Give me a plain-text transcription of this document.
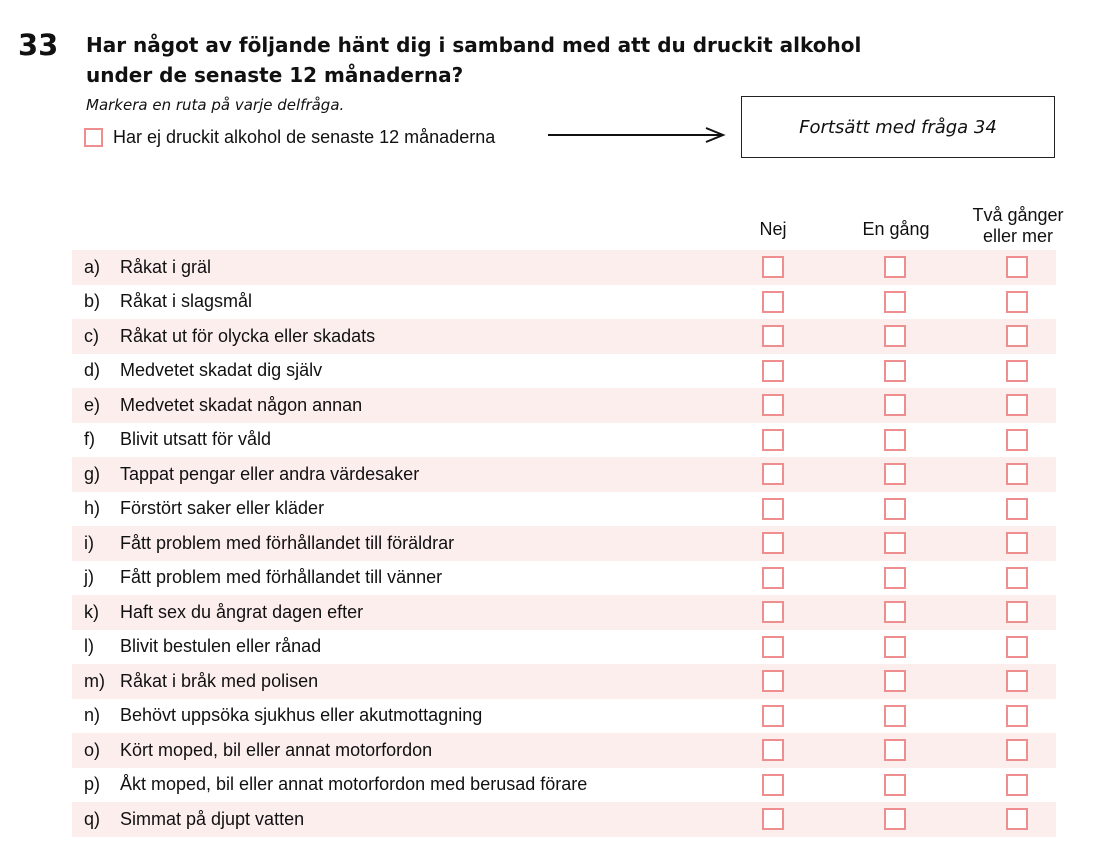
33 Har något av följande hänt dig i samband med att du druckit alkohol
under de senaste 12 månaderna?
Markera en ruta på varje delfråga.
Har ej druckit alkohol de senaste 12 månaderna	Fortsätt med fråga 34
Nej	En gång
Två gånger
eller mer
a) Råkat i gräl
b) Råkat i slagsmål
c) Råkat ut för olycka eller skadats
d) Medvetet skadat dig själv
e) Medvetet skadat någon annan
f) Blivit utsatt för våld
g) Tappat pengar eller andra värdesaker
h) Förstört saker eller kläder
i) Fått problem med förhållandet till föräldrar
j) Fått problem med förhållandet till vänner
k) Haft sex du ångrat dagen efter
l) Blivit bestulen eller rånad
m) Råkat i bråk med polisen
n) Behövt uppsöka sjukhus eller akutmottagning
o) Kört moped, bil eller annat motorfordon
p) Åkt moped, bil eller annat motorfordon med berusad förare
q) Simmat på djupt vatten
